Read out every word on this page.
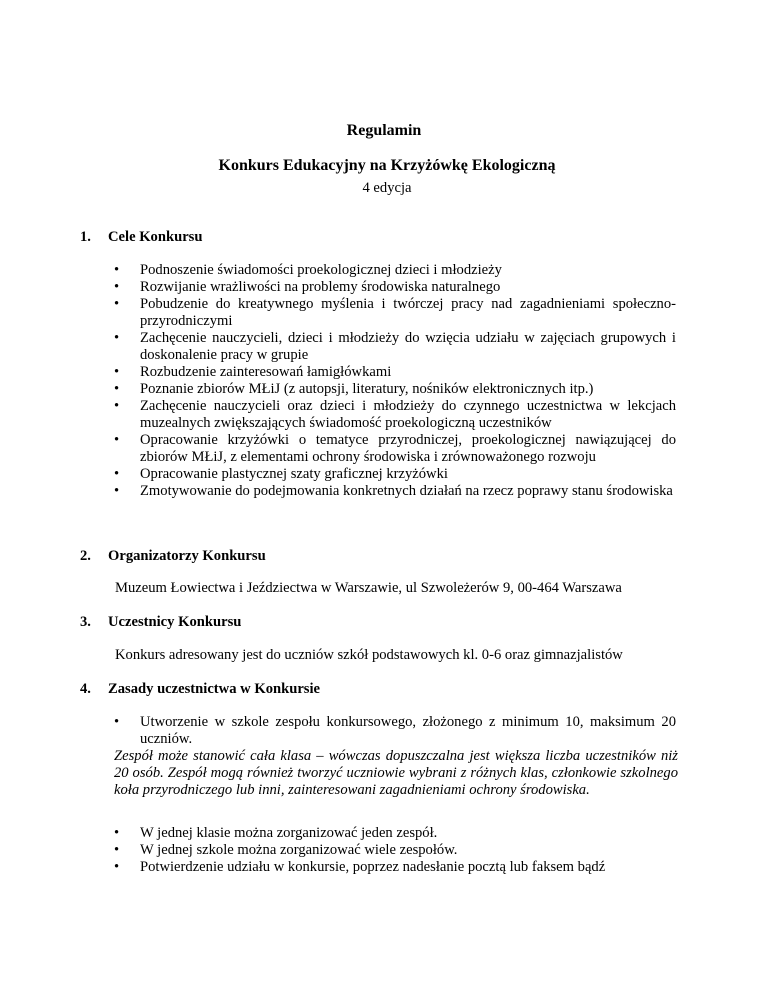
Regulamin
Konkurs Edukacyjny na Krzyżówkę Ekologiczną
4 edycja
1. Cele Konkursu
• Podnoszenie świadomości proekologicznej dzieci i młodzieży
• Rozwijanie wrażliwości na problemy środowiska naturalnego
• Pobudzenie do kreatywnego myślenia i twórczej pracy nad zagadnieniami społeczno-przyrodniczymi
• Zachęcenie nauczycieli, dzieci i młodzieży do wzięcia udziału w zajęciach grupowych i doskonalenie pracy w grupie
• Rozbudzenie zainteresowań łamigłówkami
• Poznanie zbiorów MŁiJ (z autopsji, literatury, nośników elektronicznych itp.)
• Zachęcenie nauczycieli oraz dzieci i młodzieży do czynnego uczestnictwa w lekcjach muzealnych zwiększających świadomość proekologiczną uczestników
• Opracowanie krzyżówki o tematyce przyrodniczej, proekologicznej nawiązującej do zbiorów MŁiJ, z elementami ochrony środowiska i zrównoważonego rozwoju
• Opracowanie plastycznej szaty graficznej krzyżówki
• Zmotywowanie do podejmowania konkretnych działań na rzecz poprawy stanu środowiska
2. Organizatorzy Konkursu
Muzeum Łowiectwa i Jeździectwa w Warszawie, ul Szwoleżerów 9, 00-464 Warszawa
3. Uczestnicy Konkursu
Konkurs adresowany jest do uczniów szkół podstawowych kl. 0-6 oraz gimnazjalistów
4. Zasady uczestnictwa w Konkursie
• Utworzenie w szkole zespołu konkursowego, złożonego z minimum 10, maksimum 20 uczniów.
Zespół może stanowić cała klasa – wówczas dopuszczalna jest większa liczba uczestników niż 20 osób. Zespół mogą również tworzyć uczniowie wybrani z różnych klas, członkowie szkolnego koła przyrodniczego lub inni, zainteresowani zagadnieniami ochrony środowiska.
• W jednej klasie można zorganizować jeden zespół.
• W jednej szkole można zorganizować wiele zespołów.
• Potwierdzenie udziału w konkursie, poprzez nadesłanie pocztą lub faksem bądź
